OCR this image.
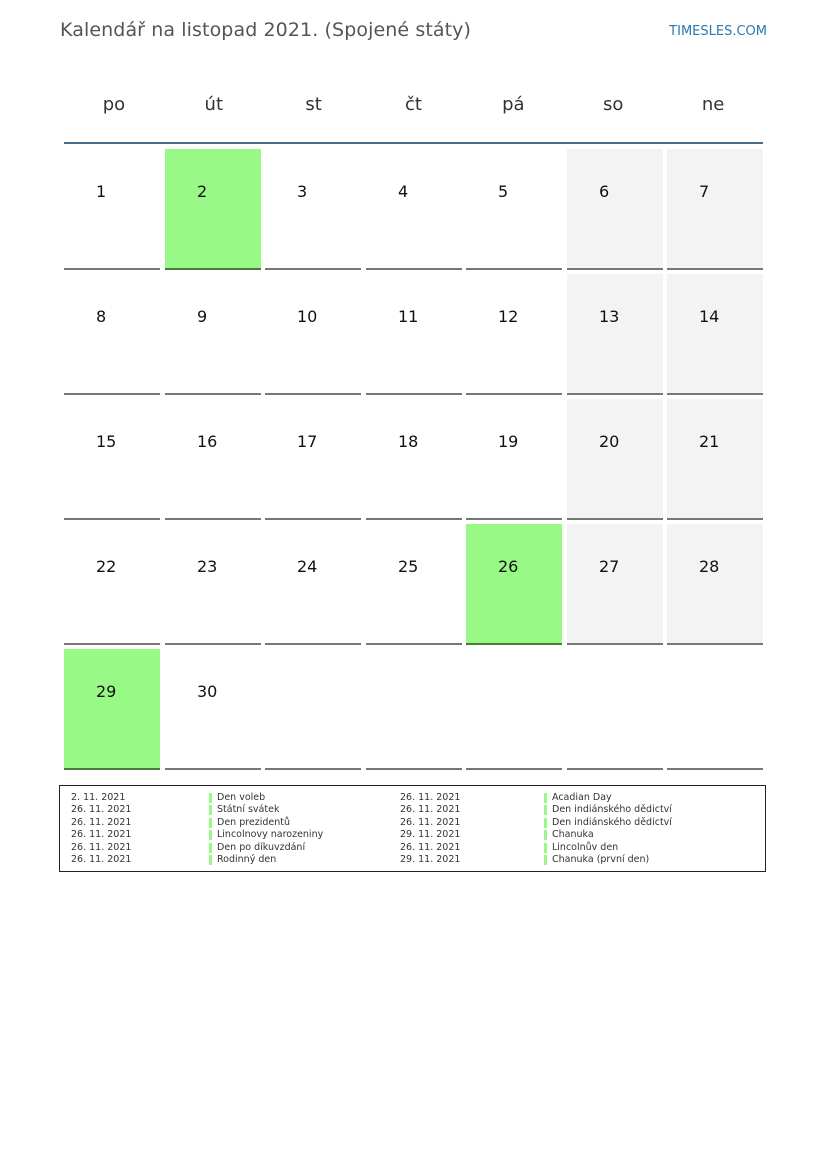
Kalendář na listopad 2021. (Spojené státy)	TIMESLES.COM
po	út	st	čt	pá	so	ne
1	2	3	4	5	6	7
8	9	10	11	12	13	14
15	16	17	18	19	20	21
22	23	24	25	26	27	28
29	30
2. 11. 2021	Den voleb
26. 11. 2021	Státní svátek
26. 11. 2021	Den prezidentů
26. 11. 2021	Lincolnovy narozeniny
26. 11. 2021	Den po díkuvzdání
26. 11. 2021	Rodinný den
26. 11. 2021	Acadian Day
26. 11. 2021	Den indiánského dědictví
26. 11. 2021	Den indiánského dědictví
29. 11. 2021	Chanuka
26. 11. 2021	Lincolnův den
29. 11. 2021	Chanuka (první den)
